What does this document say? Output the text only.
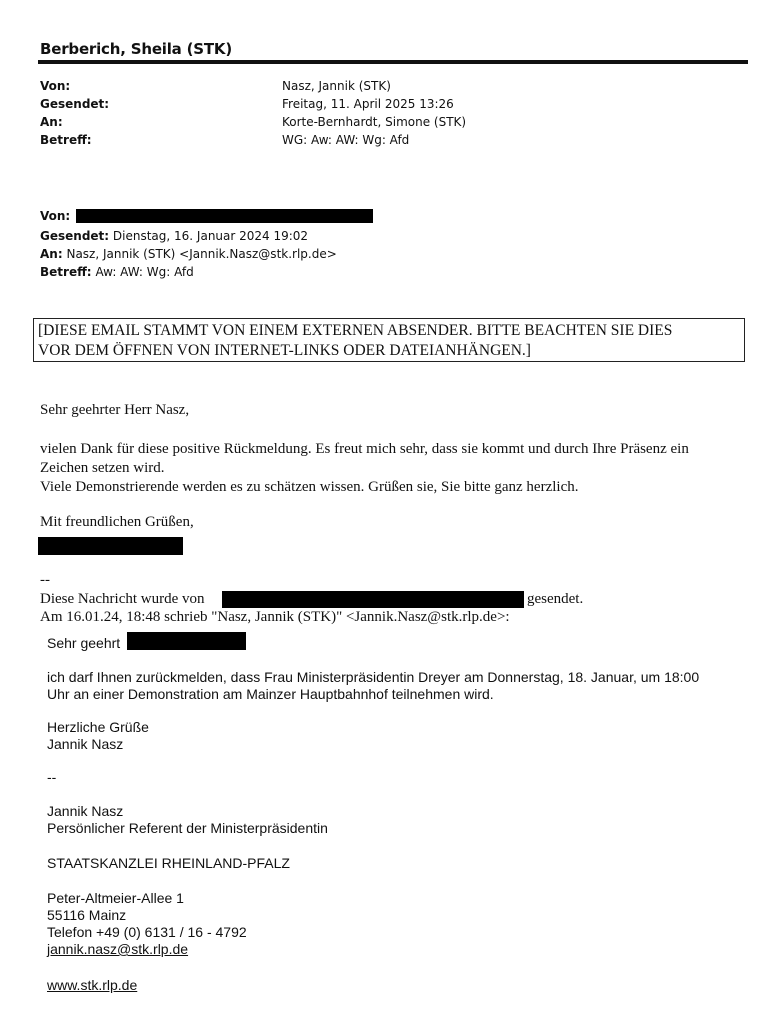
Berberich, Sheila (STK)
Von:	Nasz, Jannik (STK)
Gesendet:	Freitag, 11. April 2025 13:26
An:	Korte-Bernhardt, Simone (STK)
Betreff:	WG: Aw: AW: Wg: Afd
Von:
Gesendet: Dienstag, 16. Januar 2024 19:02
An: Nasz, Jannik (STK) <Jannik.Nasz@stk.rlp.de>
Betreff: Aw: AW: Wg: Afd
[DIESE EMAIL STAMMT VON EINEM EXTERNEN ABSENDER. BITTE BEACHTEN SIE DIES
VOR DEM ÖFFNEN VON INTERNET-LINKS ODER DATEIANHÄNGEN.]
Sehr geehrter Herr Nasz,
vielen Dank für diese positive Rückmeldung. Es freut mich sehr, dass sie kommt und durch Ihre Präsenz ein
Zeichen setzen wird.
Viele Demonstrierende werden es zu schätzen wissen. Grüßen sie, Sie bitte ganz herzlich.
Mit freundlichen Grüßen,
--
Diese Nachricht wurde von	gesendet.
Am 16.01.24, 18:48 schrieb "Nasz, Jannik (STK)" <Jannik.Nasz@stk.rlp.de>:
Sehr geehrt
ich darf Ihnen zurückmelden, dass Frau Ministerpräsidentin Dreyer am Donnerstag, 18. Januar, um 18:00
Uhr an einer Demonstration am Mainzer Hauptbahnhof teilnehmen wird.
Herzliche Grüße
Jannik Nasz
--
Jannik Nasz
Persönlicher Referent der Ministerpräsidentin
STAATSKANZLEI RHEINLAND-PFALZ
Peter-Altmeier-Allee 1
55116 Mainz
Telefon +49 (0) 6131 / 16 - 4792
jannik.nasz@stk.rlp.de
www.stk.rlp.de
